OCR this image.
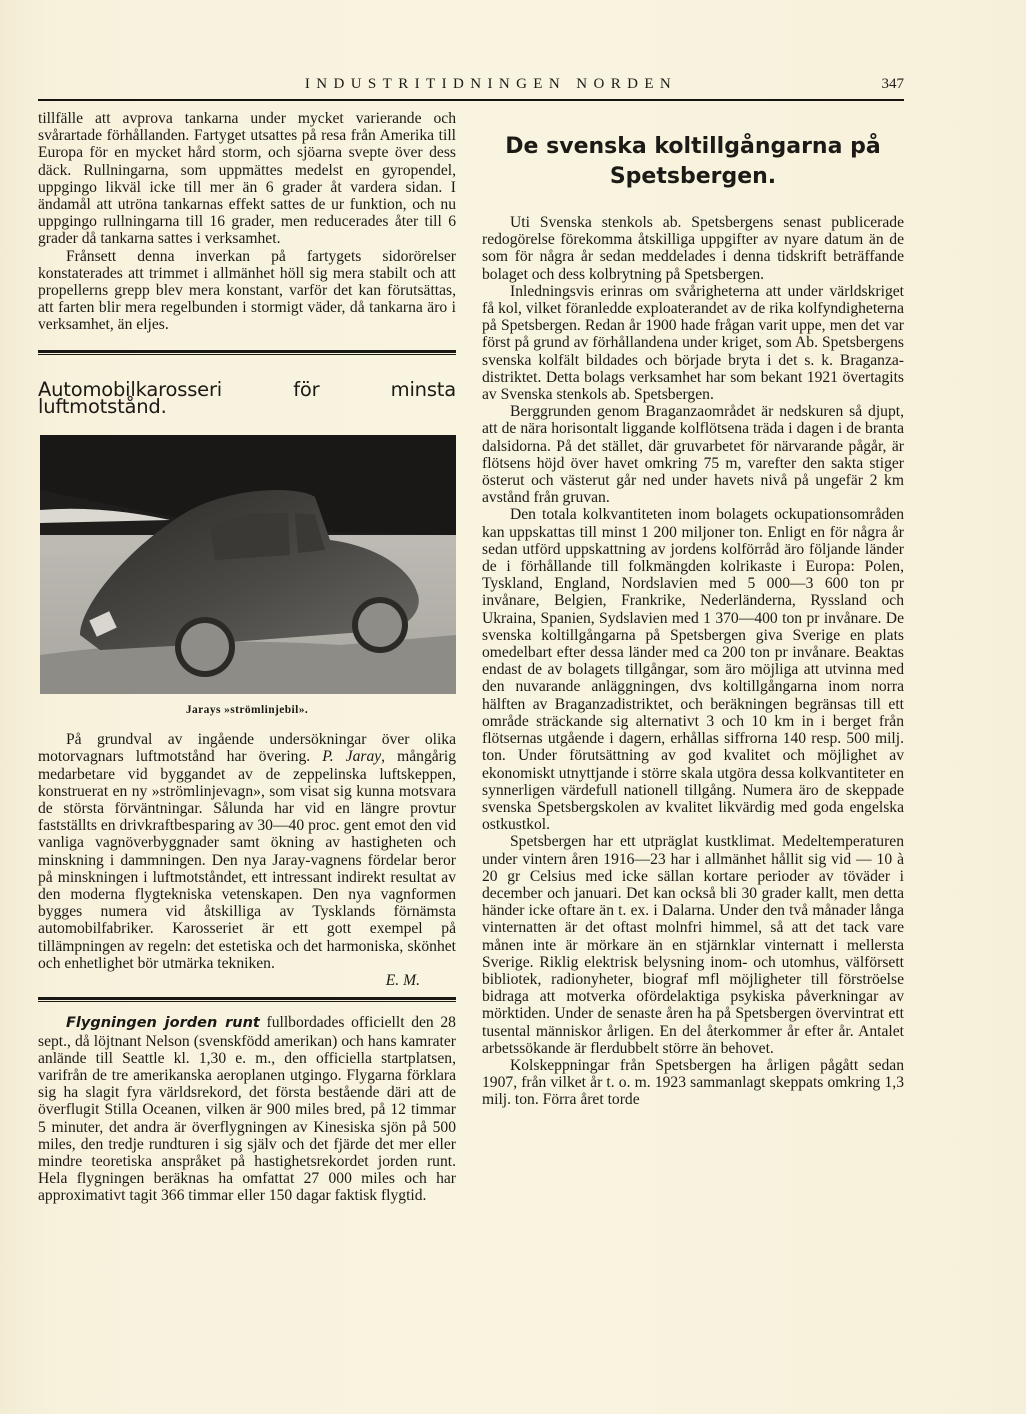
INDUSTRITIDNINGEN NORDEN	347

tillfälle att avprova tankarna under mycket varierande och svårartade förhållanden. Fartyget utsattes på resa från Amerika till Europa för en mycket hård storm, och sjöarna svepte över dess däck. Rullningarna, som uppmättes medelst en gyropendel, uppgingo likväl icke till mer än 6 grader åt vardera sidan. I ändamål att utröna tankarnas effekt sattes de ur funktion, och nu uppgingo rullningarna till 16 grader, men reducerades åter till 6 grader då tankarna sattes i verksamhet.

Frånsett denna inverkan på fartygets sidorörelser konstaterades att trimmet i allmänhet höll sig mera stabilt och att propellerns grepp blev mera konstant, varför det kan förutsättas, att farten blir mera regelbunden i stormigt väder, då tankarna äro i verksamhet, än eljes.

Automobilkarosseri för minsta luftmotstånd.
Jarays »strömlinjebil».

På grundval av ingående undersökningar över olika motorvagnars luftmotstånd har övering. P. Jaray, mångårig medarbetare vid byggandet av de zeppelinska luftskeppen, konstruerat en ny »strömlinjevagn», som visat sig kunna motsvara de största förväntningar. Sålunda har vid en längre provtur fastställts en drivkraftbesparing av 30—40 proc. gent emot den vid vanliga vagnöverbyggnader samt ökning av hastigheten och minskning i dammningen. Den nya Jaray-vagnens fördelar beror på minskningen i luftmotståndet, ett intressant indirekt resultat av den moderna flygtekniska vetenskapen. Den nya vagnformen bygges numera vid åtskilliga av Tysklands förnämsta automobilfabriker. Karosseriet är ett gott exempel på tillämpningen av regeln: det estetiska och det harmoniska, skönhet och enhetlighet bör utmärka tekniken.

E. M.

Flygningen jorden runt fullbordades officiellt den 28 sept., då löjtnant Nelson (svenskfödd amerikan) och hans kamrater anlände till Seattle kl. 1,30 e. m., den officiella startplatsen, varifrån de tre amerikanska aeroplanen utgingo. Flygarna förklara sig ha slagit fyra världsrekord, det första bestående däri att de överflugit Stilla Oceanen, vilken är 900 miles bred, på 12 timmar 5 minuter, det andra är överflygningen av Kinesiska sjön på 500 miles, den tredje rundturen i sig själv och det fjärde det mer eller mindre teoretiska anspråket på hastighetsrekordet jorden runt. Hela flygningen beräknas ha omfattat 27 000 miles och har approximativt tagit 366 timmar eller 150 dagar faktisk flygtid.

De svenska koltillgångarna på
Spetsbergen.

Uti Svenska stenkols ab. Spetsbergens senast publicerade redogörelse förekomma åtskilliga uppgifter av nyare datum än de som för några år sedan meddelades i denna tidskrift beträffande bolaget och dess kolbrytning på Spetsbergen.

Inledningsvis erinras om svårigheterna att under världskriget få kol, vilket föranledde exploaterandet av de rika kolfyndigheterna på Spetsbergen. Redan år 1900 hade frågan varit uppe, men det var först på grund av förhållandena under kriget, som Ab. Spetsbergens svenska kolfält bildades och började bryta i det s. k. Braganza-distriktet. Detta bolags verksamhet har som bekant 1921 övertagits av Svenska stenkols ab. Spetsbergen.

Berggrunden genom Braganzaområdet är nedskuren så djupt, att de nära horisontalt liggande kolflötsena träda i dagen i de branta dalsidorna. På det stället, där gruvarbetet för närvarande pågår, är flötsens höjd över havet omkring 75 m, varefter den sakta stiger österut och västerut går ned under havets nivå på ungefär 2 km avstånd från gruvan.

Den totala kolkvantiteten inom bolagets ockupationsområden kan uppskattas till minst 1 200 miljoner ton. Enligt en för några år sedan utförd uppskattning av jordens kolförråd äro följande länder de i förhållande till folkmängden kolrikaste i Europa: Polen, Tyskland, England, Nordslavien med 5 000—3 600 ton pr invånare, Belgien, Frankrike, Nederländerna, Ryssland och Ukraina, Spanien, Sydslavien med 1 370—400 ton pr invånare. De svenska koltillgångarna på Spetsbergen giva Sverige en plats omedelbart efter dessa länder med ca 200 ton pr invånare. Beaktas endast de av bolagets tillgångar, som äro möjliga att utvinna med den nuvarande anläggningen, dvs koltillgångarna inom norra hälften av Braganzadistriktet, och beräkningen begränsas till ett område sträckande sig alternativt 3 och 10 km in i berget från flötsernas utgående i dagern, erhållas siffrorna 140 resp. 500 milj. ton. Under förutsättning av god kvalitet och möjlighet av ekonomiskt utnyttjande i större skala utgöra dessa kolkvantiteter en synnerligen värdefull nationell tillgång. Numera äro de skeppade svenska Spetsbergskolen av kvalitet likvärdig med goda engelska ostkustkol.

Spetsbergen har ett utpräglat kustklimat. Medeltemperaturen under vintern åren 1916—23 har i allmänhet hållit sig vid — 10 à 20 gr Celsius med icke sällan kortare perioder av töväder i december och januari. Det kan också bli 30 grader kallt, men detta händer icke oftare än t. ex. i Dalarna. Under den två månader långa vinternatten är det oftast molnfri himmel, så att det tack vare månen inte är mörkare än en stjärnklar vinternatt i mellersta Sverige. Riklig elektrisk belysning inom- och utomhus, välförsett bibliotek, radionyheter, biograf mfl möjligheter till förströelse bidraga att motverka ofördelaktiga psykiska påverkningar av mörktiden. Under de senaste åren ha på Spetsbergen övervintrat ett tusental människor årligen. En del återkommer år efter år. Antalet arbetssökande är flerdubbelt större än behovet.

Kolskeppningar från Spetsbergen ha årligen pågått sedan 1907, från vilket år t. o. m. 1923 sammanlagt skeppats omkring 1,3 milj. ton. Förra året torde
